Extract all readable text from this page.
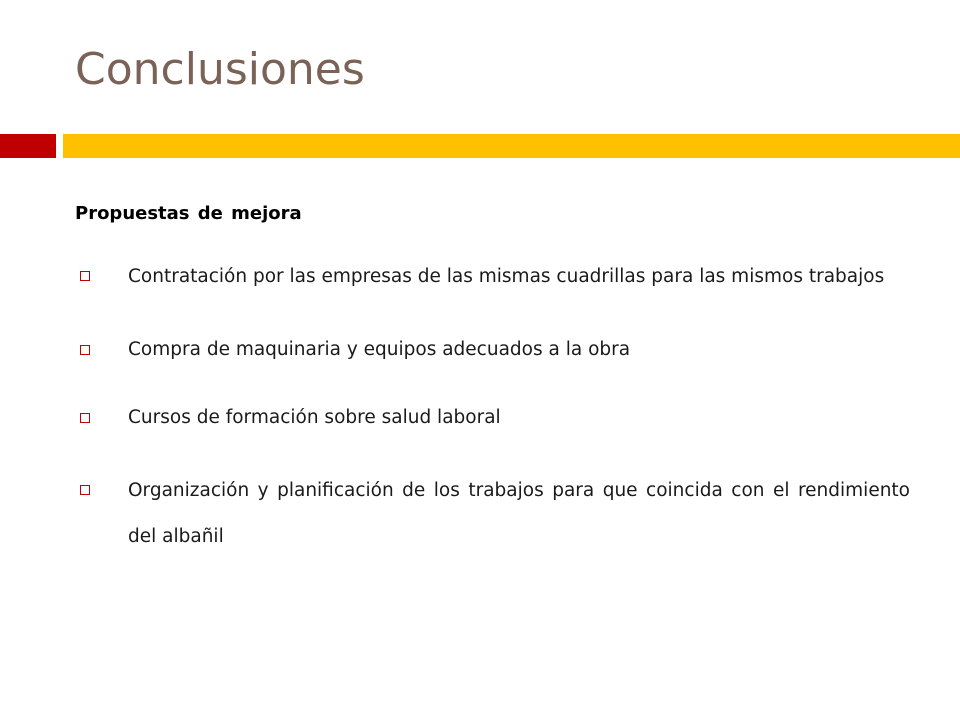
Conclusiones

Propuestas de mejora

Contratación por las empresas de las mismas cuadrillas para las mismos trabajos
Compra de maquinaria y equipos adecuados a la obra
Cursos de formación sobre salud laboral
Organización y planificación de los trabajos para que coincida con el rendimiento del albañil
